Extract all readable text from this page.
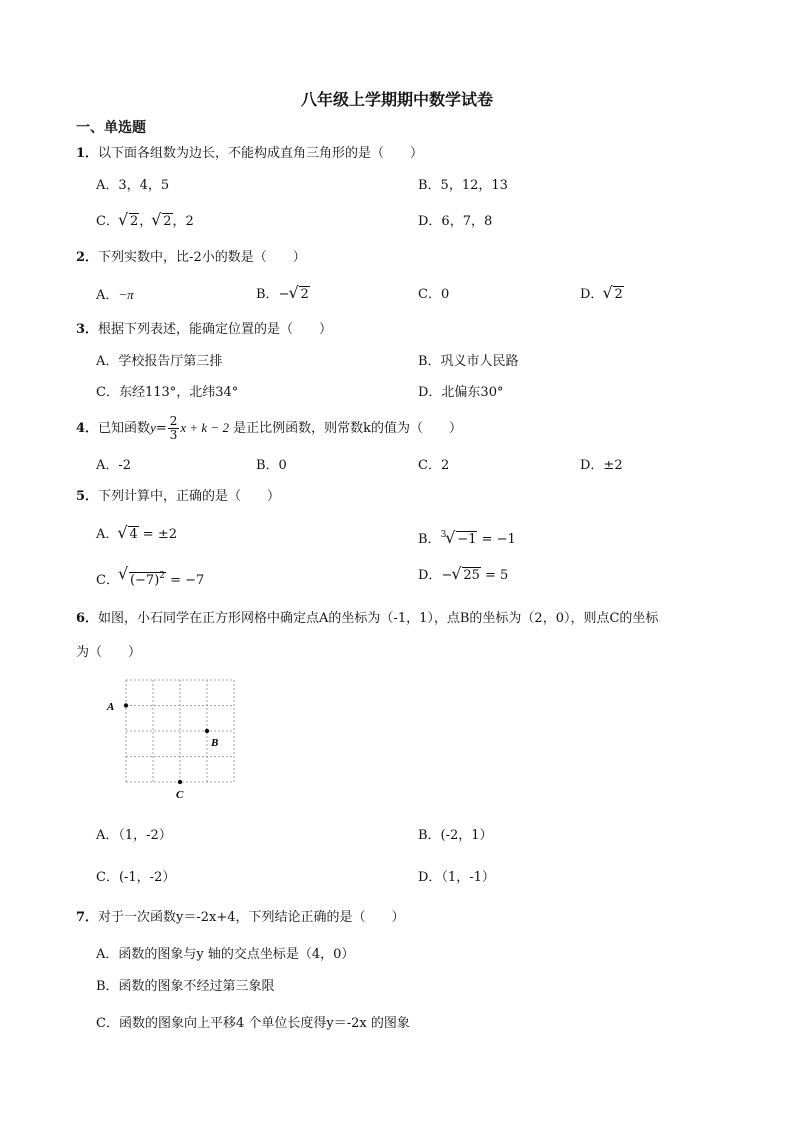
八年级上学期期中数学试卷
一、单选题
1．以下面各组数为边长，不能构成直角三角形的是（　　）
A．3，4，5	B．5，12，13
C． √ 2， √ 2，2	D．6，7，8
2．下列实数中，比-2小的数是（　　）
A．−π	B．− √ 2	C．0	D． √ 2
3．根据下列表述，能确定位置的是（　　）
A．学校报告厅第三排	B．巩义市人民路
C．东经113°，北纬34°	D．北偏东30°
4．已知函数$y= \frac{2}{3}$ x + k − 2 是正比例函数，则常数k的值为（　　）
A．-2	B．0	C．2	D．±2
5．下列计算中，正确的是（　　）
A． √ 4 = ±2	B．$^3$ √ −1 = −1
C． √ $(-7)^2 = -7$	D．− √ 25 = 5
6．如图，小石同学在正方形网格中确定点A的坐标为（-1，1），点B的坐标为（2，0），则点C的坐标
为（　　）
A
B
C
A．（1，-2）	B．(-2，1）
C．(-1，-2）	D．（1，-1）
7．对于一次函数y＝-2x+4，下列结论正确的是（　　）
A．函数的图象与y 轴的交点坐标是（4，0）
B．函数的图象不经过第三象限
C．函数的图象向上平移4 个单位长度得y＝-2x 的图象
